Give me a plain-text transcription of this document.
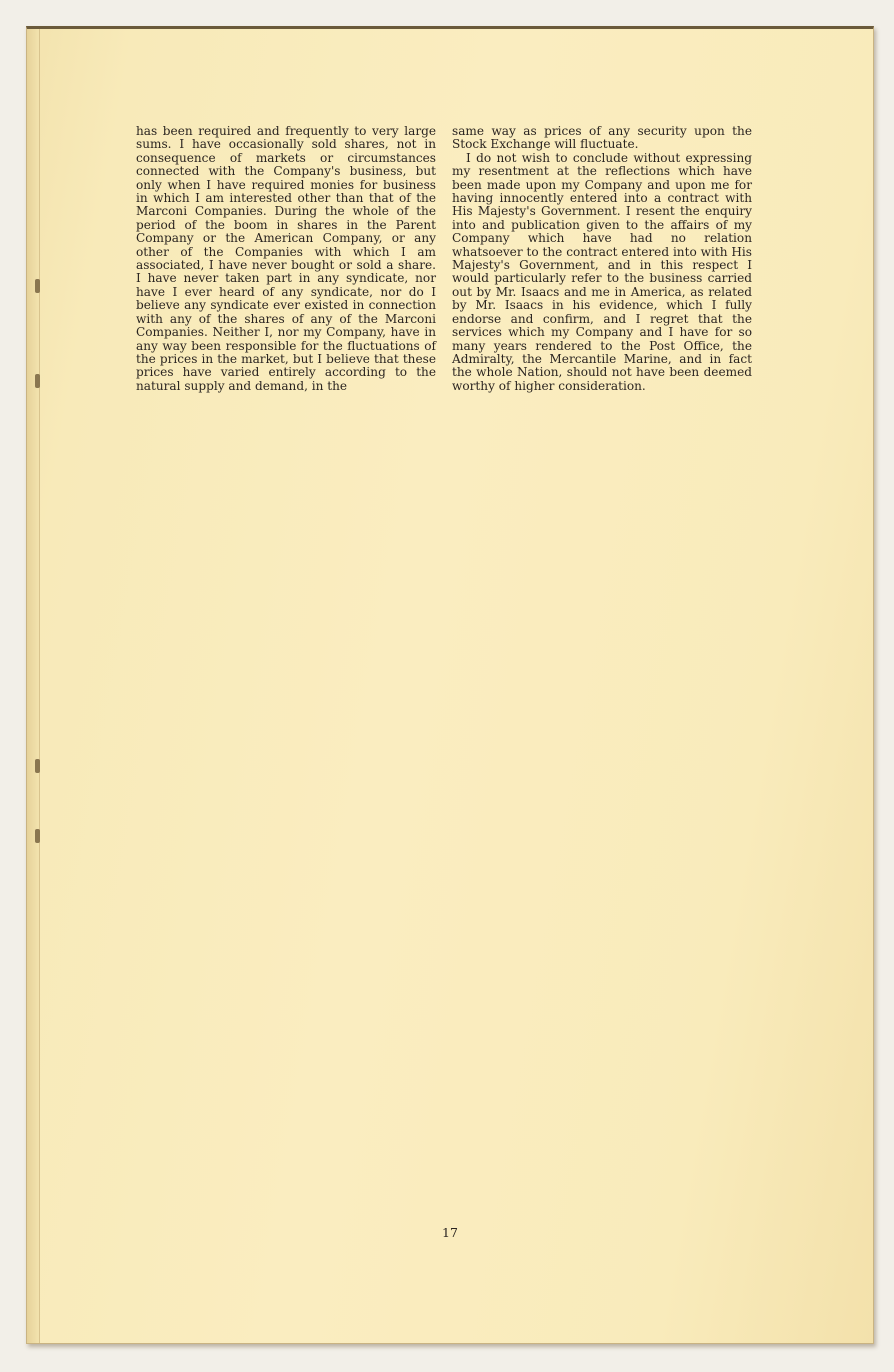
has been required and frequently to very large sums. I have occasionally sold shares, not in consequence of markets or circumstances connected with the Company's business, but only when I have required monies for business in which I am interested other than that of the Marconi Companies. During the whole of the period of the boom in shares in the Parent Company or the American Company, or any other of the Companies with which I am associated, I have never bought or sold a share. I have never taken part in any syndicate, nor have I ever heard of any syndicate, nor do I believe any syndicate ever existed in connection with any of the shares of any of the Marconi Companies. Neither I, nor my Company, have in any way been responsible for the fluctuations of the prices in the market, but I believe that these prices have varied entirely according to the natural supply and demand, in the

same way as prices of any security upon the Stock Exchange will fluctuate.

I do not wish to conclude without expressing my resentment at the reflections which have been made upon my Company and upon me for having innocently entered into a contract with His Majesty's Government. I resent the enquiry into and publication given to the affairs of my Company which have had no relation whatsoever to the contract entered into with His Majesty's Government, and in this respect I would particularly refer to the business carried out by Mr. Isaacs and me in America, as related by Mr. Isaacs in his evidence, which I fully endorse and confirm, and I regret that the services which my Company and I have for so many years rendered to the Post Office, the Admiralty, the Mercantile Marine, and in fact the whole Nation, should not have been deemed worthy of higher consideration.

17
